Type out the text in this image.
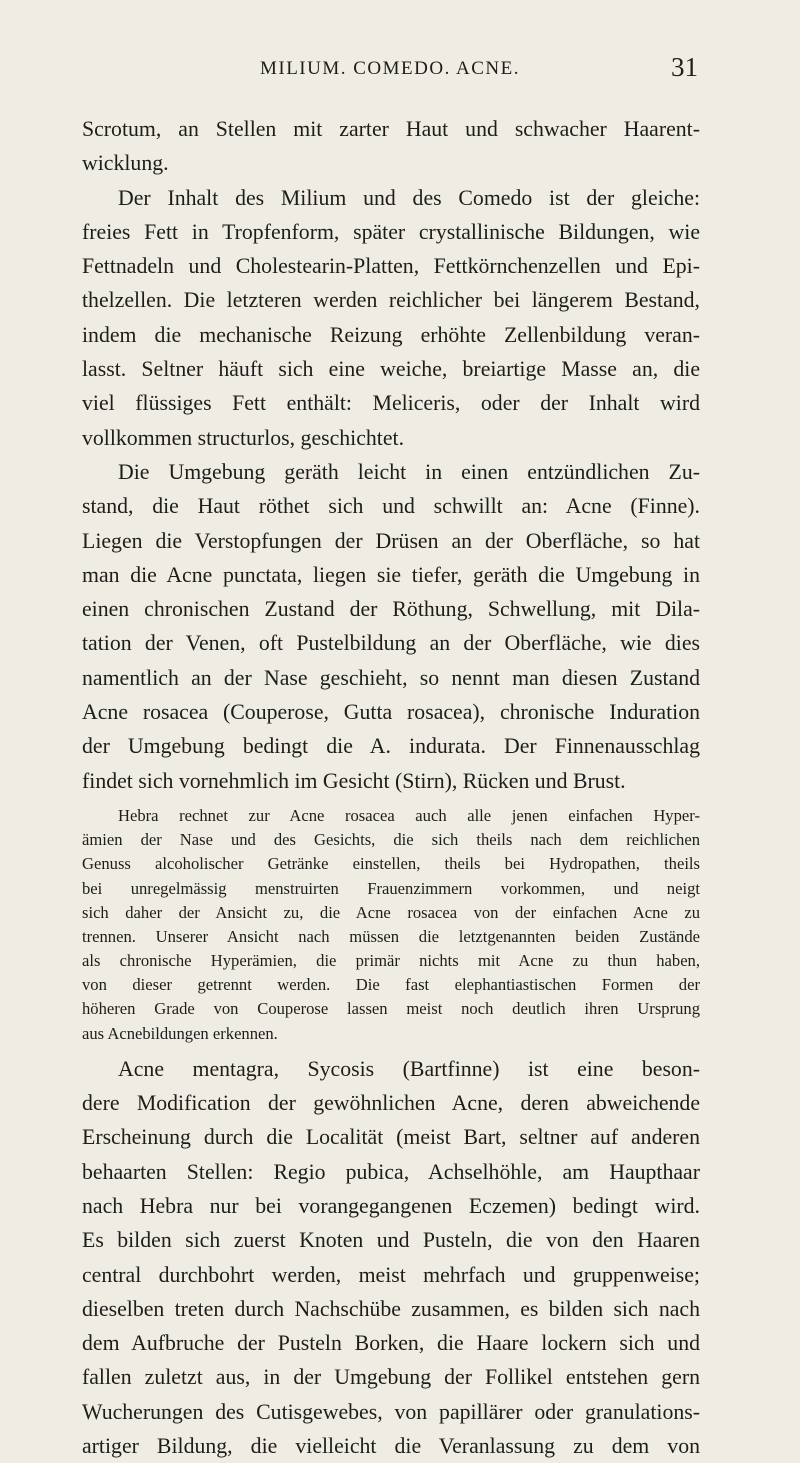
MILIUM. COMEDO. ACNE.	31
Scrotum, an Stellen mit zarter Haut und schwacher Haarent-
wicklung.
Der Inhalt des Milium und des Comedo ist der gleiche:
freies Fett in Tropfenform, später crystallinische Bildungen, wie
Fettnadeln und Cholestearin-Platten, Fettkörnchenzellen und Epi-
thelzellen. Die letzteren werden reichlicher bei längerem Bestand,
indem die mechanische Reizung erhöhte Zellenbildung veran-
lasst. Seltner häuft sich eine weiche, breiartige Masse an, die
viel flüssiges Fett enthält: Meliceris, oder der Inhalt wird
vollkommen structurlos, geschichtet.
Die Umgebung geräth leicht in einen entzündlichen Zu-
stand, die Haut röthet sich und schwillt an: Acne (Finne).
Liegen die Verstopfungen der Drüsen an der Oberfläche, so hat
man die Acne punctata, liegen sie tiefer, geräth die Umgebung in
einen chronischen Zustand der Röthung, Schwellung, mit Dila-
tation der Venen, oft Pustelbildung an der Oberfläche, wie dies
namentlich an der Nase geschieht, so nennt man diesen Zustand
Acne rosacea (Couperose, Gutta rosacea), chronische Induration
der Umgebung bedingt die A. indurata. Der Finnenausschlag
findet sich vornehmlich im Gesicht (Stirn), Rücken und Brust.
Hebra rechnet zur Acne rosacea auch alle jenen einfachen Hyper-
ämien der Nase und des Gesichts, die sich theils nach dem reichlichen
Genuss alcoholischer Getränke einstellen, theils bei Hydropathen, theils
bei unregelmässig menstruirten Frauenzimmern vorkommen, und neigt
sich daher der Ansicht zu, die Acne rosacea von der einfachen Acne zu
trennen. Unserer Ansicht nach müssen die letztgenannten beiden Zustände
als chronische Hyperämien, die primär nichts mit Acne zu thun haben,
von dieser getrennt werden. Die fast elephantiastischen Formen der
höheren Grade von Couperose lassen meist noch deutlich ihren Ursprung
aus Acnebildungen erkennen.
Acne mentagra, Sycosis (Bartfinne) ist eine beson-
dere Modification der gewöhnlichen Acne, deren abweichende
Erscheinung durch die Localität (meist Bart, seltner auf anderen
behaarten Stellen: Regio pubica, Achselhöhle, am Haupthaar
nach Hebra nur bei vorangegangenen Eczemen) bedingt wird.
Es bilden sich zuerst Knoten und Pusteln, die von den Haaren
central durchbohrt werden, meist mehrfach und gruppenweise;
dieselben treten durch Nachschübe zusammen, es bilden sich nach
dem Aufbruche der Pusteln Borken, die Haare lockern sich und
fallen zuletzt aus, in der Umgebung der Follikel entstehen gern
Wucherungen des Cutisgewebes, von papillärer oder granulations-
artiger Bildung, die vielleicht die Veranlassung zu dem von
